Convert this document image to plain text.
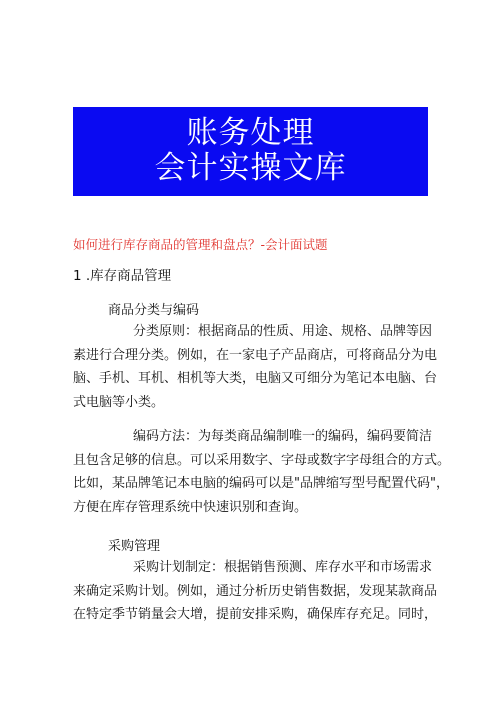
账务处理
会计实操文库
如何进行库存商品的管理和盘点？-会计面试题
1 .库存商品管理
商品分类与编码
分类原则：根据商品的性质、用途、规格、品牌等因
素进行合理分类。例如，在一家电子产品商店，可将商品分为电
脑、手机、耳机、相机等大类，电脑又可细分为笔记本电脑、台
式电脑等小类。
编码方法：为每类商品编制唯一的编码，编码要简洁
且包含足够的信息。可以采用数字、字母或数字字母组合的方式。
比如，某品牌笔记本电脑的编码可以是"品牌缩写型号配置代码"，
方便在库存管理系统中快速识别和查询。
采购管理
采购计划制定：根据销售预测、库存水平和市场需求
来确定采购计划。例如，通过分析历史销售数据，发现某款商品
在特定季节销量会大增，提前安排采购，确保库存充足。同时，
